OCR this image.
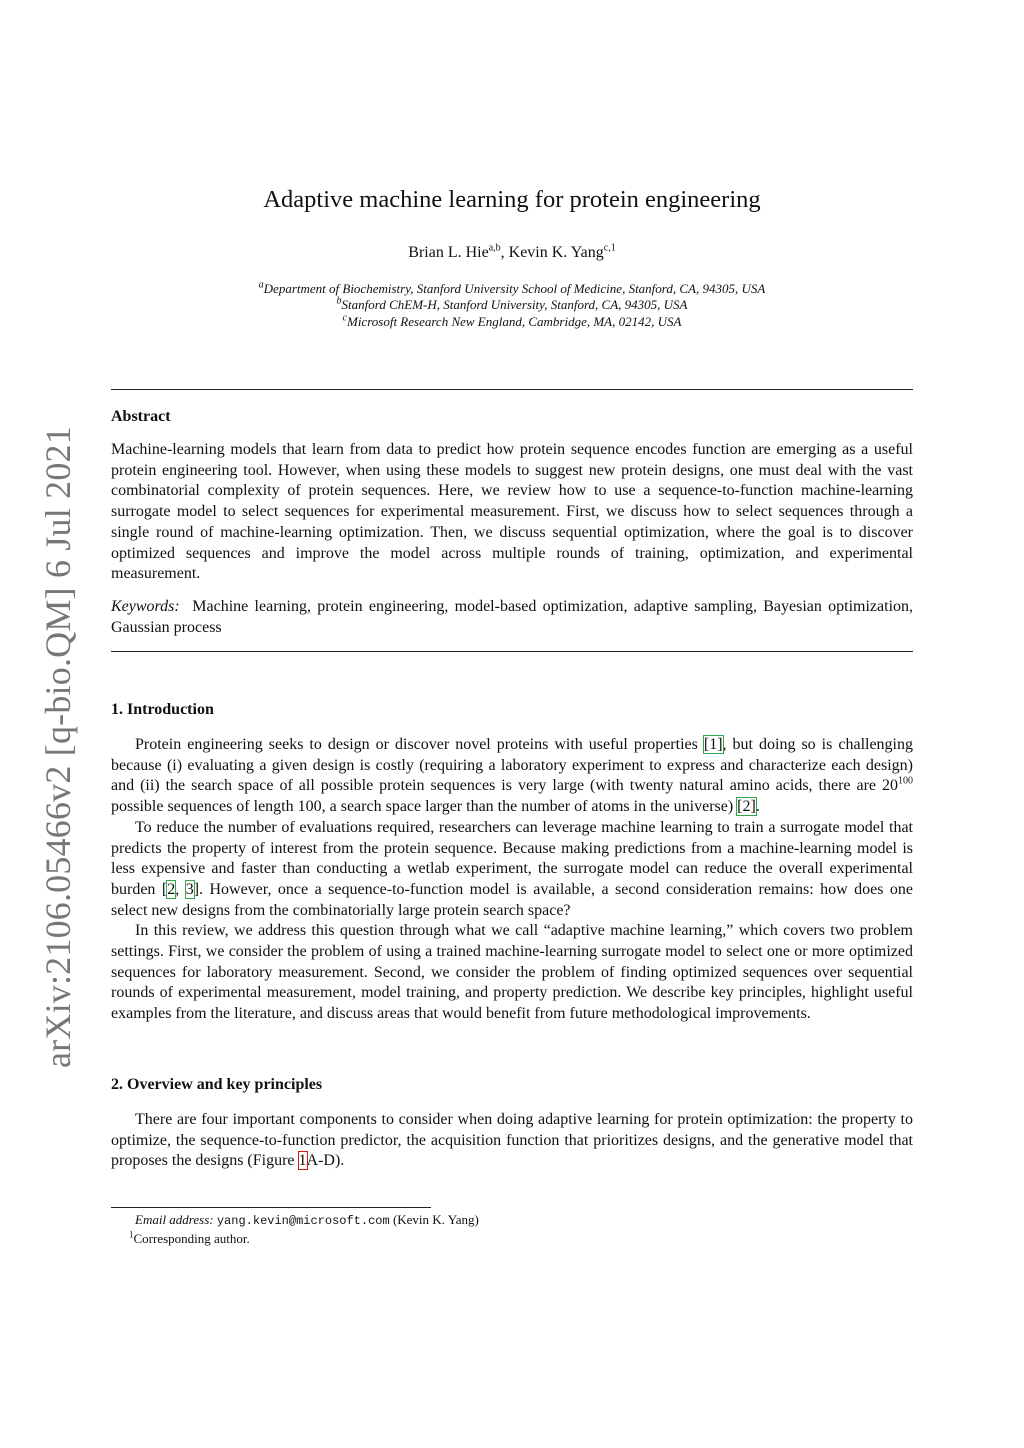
arXiv:2106.05466v2 [q-bio.QM] 6 Jul 2021
Adaptive machine learning for protein engineering
Brian L. Hie$^{a,b}$, Kevin K. Yang$^{c,1}$
$^a$Department of Biochemistry, Stanford University School of Medicine, Stanford, CA, 94305, USA
$^b$Stanford ChEM-H, Stanford University, Stanford, CA, 94305, USA
$^c$Microsoft Research New England, Cambridge, MA, 02142, USA
Abstract

Machine-learning models that learn from data to predict how protein sequence encodes function are emerging as a useful protein engineering tool. However, when using these models to suggest new protein designs, one must deal with the vast combinatorial complexity of protein sequences. Here, we review how to use a sequence-to-function machine-learning surrogate model to select sequences for experimental measurement. First, we discuss how to select sequences through a single round of machine-learning optimization. Then, we discuss sequential optimization, where the goal is to discover optimized sequences and improve the model across multiple rounds of training, optimization, and experimental measurement.

Keywords: Machine learning, protein engineering, model-based optimization, adaptive sampling, Bayesian optimization, Gaussian process

1. Introduction

Protein engineering seeks to design or discover novel proteins with useful properties [1], but doing so is challenging because (i) evaluating a given design is costly (requiring a laboratory experiment to express and characterize each design) and (ii) the search space of all possible protein sequences is very large (with twenty natural amino acids, there are $20^{100}$ possible sequences of length 100, a search space larger than the number of atoms in the universe) [2].

To reduce the number of evaluations required, researchers can leverage machine learning to train a surrogate model that predicts the property of interest from the protein sequence. Because making predictions from a machine-learning model is less expensive and faster than conducting a wetlab experiment, the surrogate model can reduce the overall experimental burden [2, 3]. However, once a sequence-to-function model is available, a second consideration remains: how does one select new designs from the combinatorially large protein search space?

In this review, we address this question through what we call “adaptive machine learning,” which covers two problem settings. First, we consider the problem of using a trained machine-learning surrogate model to select one or more optimized sequences for laboratory measurement. Second, we consider the problem of finding optimized sequences over sequential rounds of experimental measurement, model training, and property prediction. We describe key principles, highlight useful examples from the literature, and discuss areas that would benefit from future methodological improvements.

2. Overview and key principles

There are four important components to consider when doing adaptive learning for protein optimization: the property to optimize, the sequence-to-function predictor, the acquisition function that prioritizes designs, and the generative model that proposes the designs (Figure 1A-D).

Email address: yang.kevin@microsoft.com (Kevin K. Yang)
$^1$Corresponding author.
